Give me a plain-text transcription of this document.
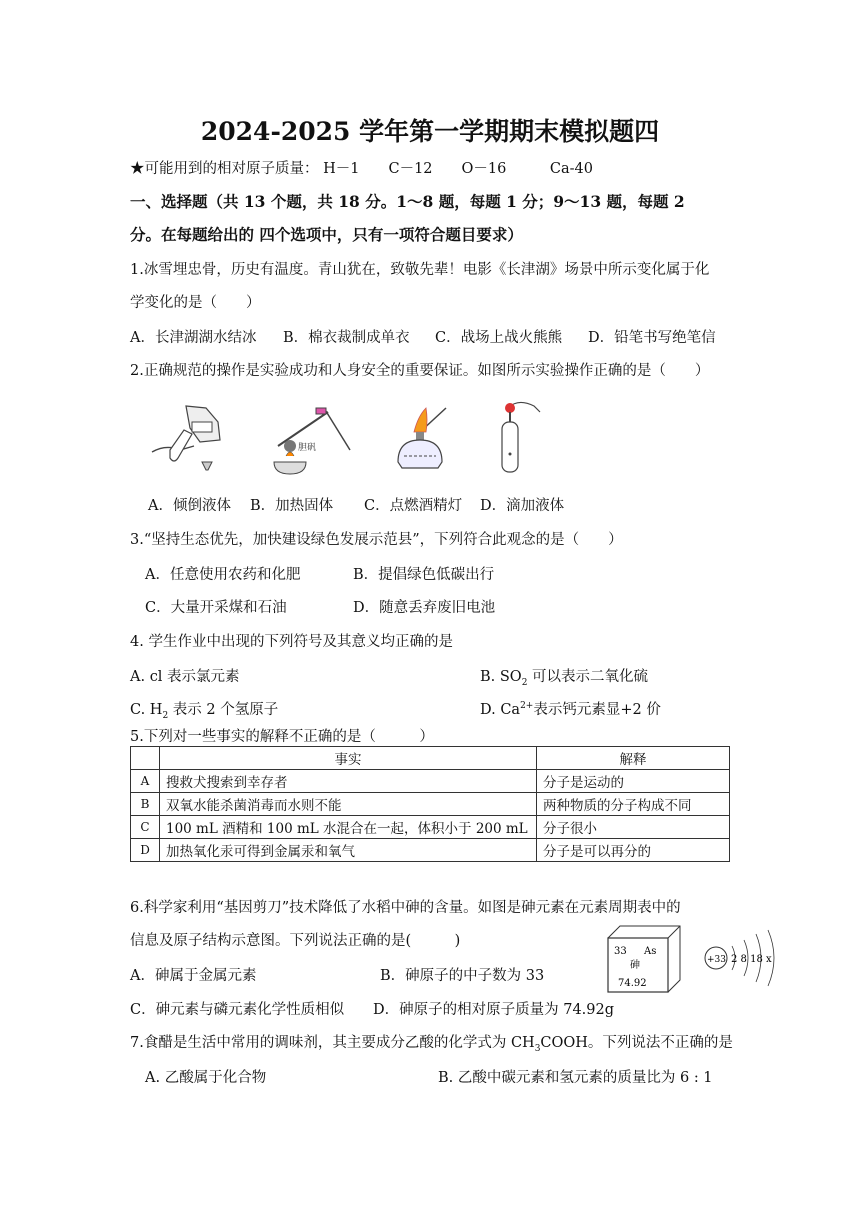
2024-2025 学年第一学期期末模拟题四
★可能用到的相对原子质量： H－1　　C－12　　O－16　　　Ca-40
一、选择题（共 13 个题，共 18 分。1～8 题，每题 1 分；9～13 题，每题 2
分。在每题给出的 四个选项中，只有一项符合题目要求）
1.冰雪埋忠骨，历史有温度。青山犹在，致敬先辈！电影《长津湖》场景中所示变化属于化
学变化的是（　　）
A．长津湖湖水结冰 B．棉衣裁制成单衣 C．战场上战火熊熊 D．铅笔书写绝笔信
2.正确规范的操作是实验成功和人身安全的重要保证。如图所示实验操作正确的是（　　）
胆矾
A．倾倒液体 B．加热固体 C．点燃酒精灯 D．滴加液体
3.“坚持生态优先，加快建设绿色发展示范县”，下列符合此观念的是（　　）
A．任意使用农药和化肥	B．提倡绿色低碳出行
C．大量开采煤和石油	D．随意丢弃废旧电池
4. 学生作业中出现的下列符号及其意义均正确的是
A. cl 表示氯元素	B. $SO_2$ 可以表示二氧化硫
C. $H_2$ 表示 2 个氢原子	D. $Ca^{2+}$表示钙元素显+2 价
5.下列对一些事实的解释不正确的是（　　　）
	事实	解释
A	搜救犬搜索到幸存者	分子是运动的
B	双氧水能杀菌消毒而水则不能	两种物质的分子构成不同
C	100 mL 酒精和 100 mL 水混合在一起，体积小于 200 mL	分子很小
D	加热氧化汞可得到金属汞和氧气	分子是可以再分的
6.科学家利用“基因剪刀”技术降低了水稻中砷的含量。如图是砷元素在元素周期表中的
信息及原子结构示意图。下列说法正确的是(　　　)
A．砷属于金属元素	B．砷原子的中子数为 33
C．砷元素与磷元素化学性质相似 D．砷原子的相对原子质量为 74.92g
33 As
砷
74.92
+33 2 8 18 x
7.食醋是生活中常用的调味剂，其主要成分乙酸的化学式为 $CH_3COOH$。下列说法不正确的是
A. 乙酸属于化合物	B. 乙酸中碳元素和氢元素的质量比为 6 : 1
